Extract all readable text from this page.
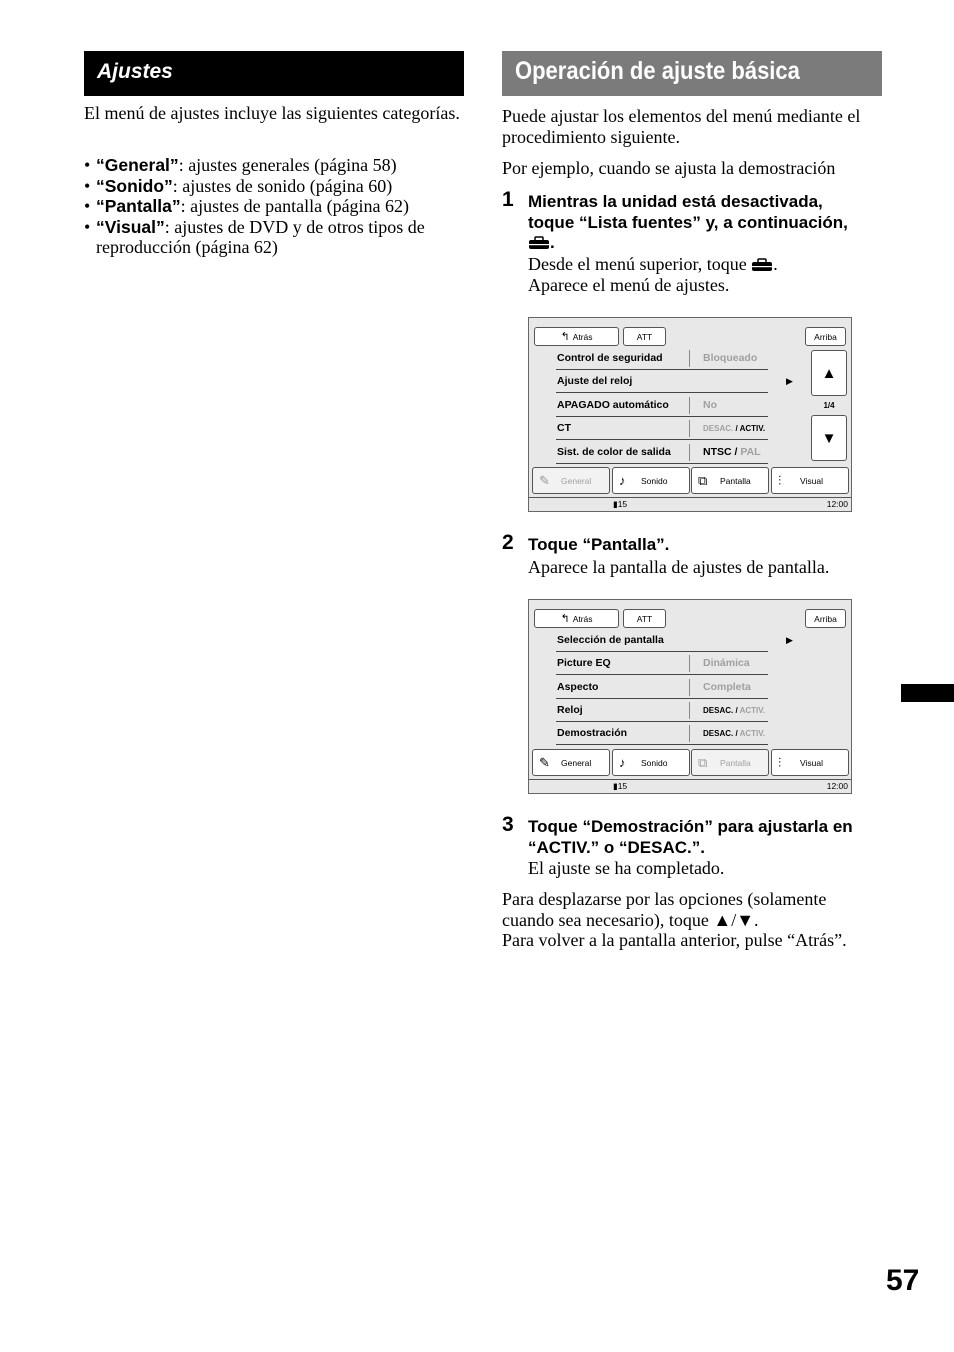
Ajustes
El menú de ajustes incluye las siguientes categorías.
• “General”: ajustes generales (página 58)
• “Sonido”: ajustes de sonido (página 60)
• “Pantalla”: ajustes de pantalla (página 62)
• “Visual”: ajustes de DVD y de otros tipos de reproducción (página 62)
Operación de ajuste básica
Puede ajustar los elementos del menú mediante el procedimiento siguiente.
Por ejemplo, cuando se ajusta la demostración
1 Mientras la unidad está desactivada, toque “Lista fuentes” y, a continuación, .
Desde el menú superior, toque .
Aparece el menú de ajustes.
↰ Atrás	ATT	Arriba
Control de seguridad	Bloqueado
Ajuste del reloj	▶
APAGADO automático	No
CT	DESAC. / ACTIV.
Sist. de color de salida	NTSC / PAL
▲
1/4
▼
✎ General ♪ Sonido ⧉ Pantalla ⫶ Visual
▮15	12:00
2 Toque “Pantalla”.
Aparece la pantalla de ajustes de pantalla.
↰ Atrás	ATT	Arriba
Selección de pantalla	▶
Picture EQ	Dinámica
Aspecto	Completa
Reloj	DESAC. / ACTIV.
Demostración	DESAC. / ACTIV.
✎ General ♪ Sonido ⧉ Pantalla ⫶ Visual
▮15	12:00
3 Toque “Demostración” para ajustarla en “ACTIV.” o “DESAC.”.
El ajuste se ha completado.
Para desplazarse por las opciones (solamente cuando sea necesario), toque ▲/▼.
Para volver a la pantalla anterior, pulse “Atrás”.
57
